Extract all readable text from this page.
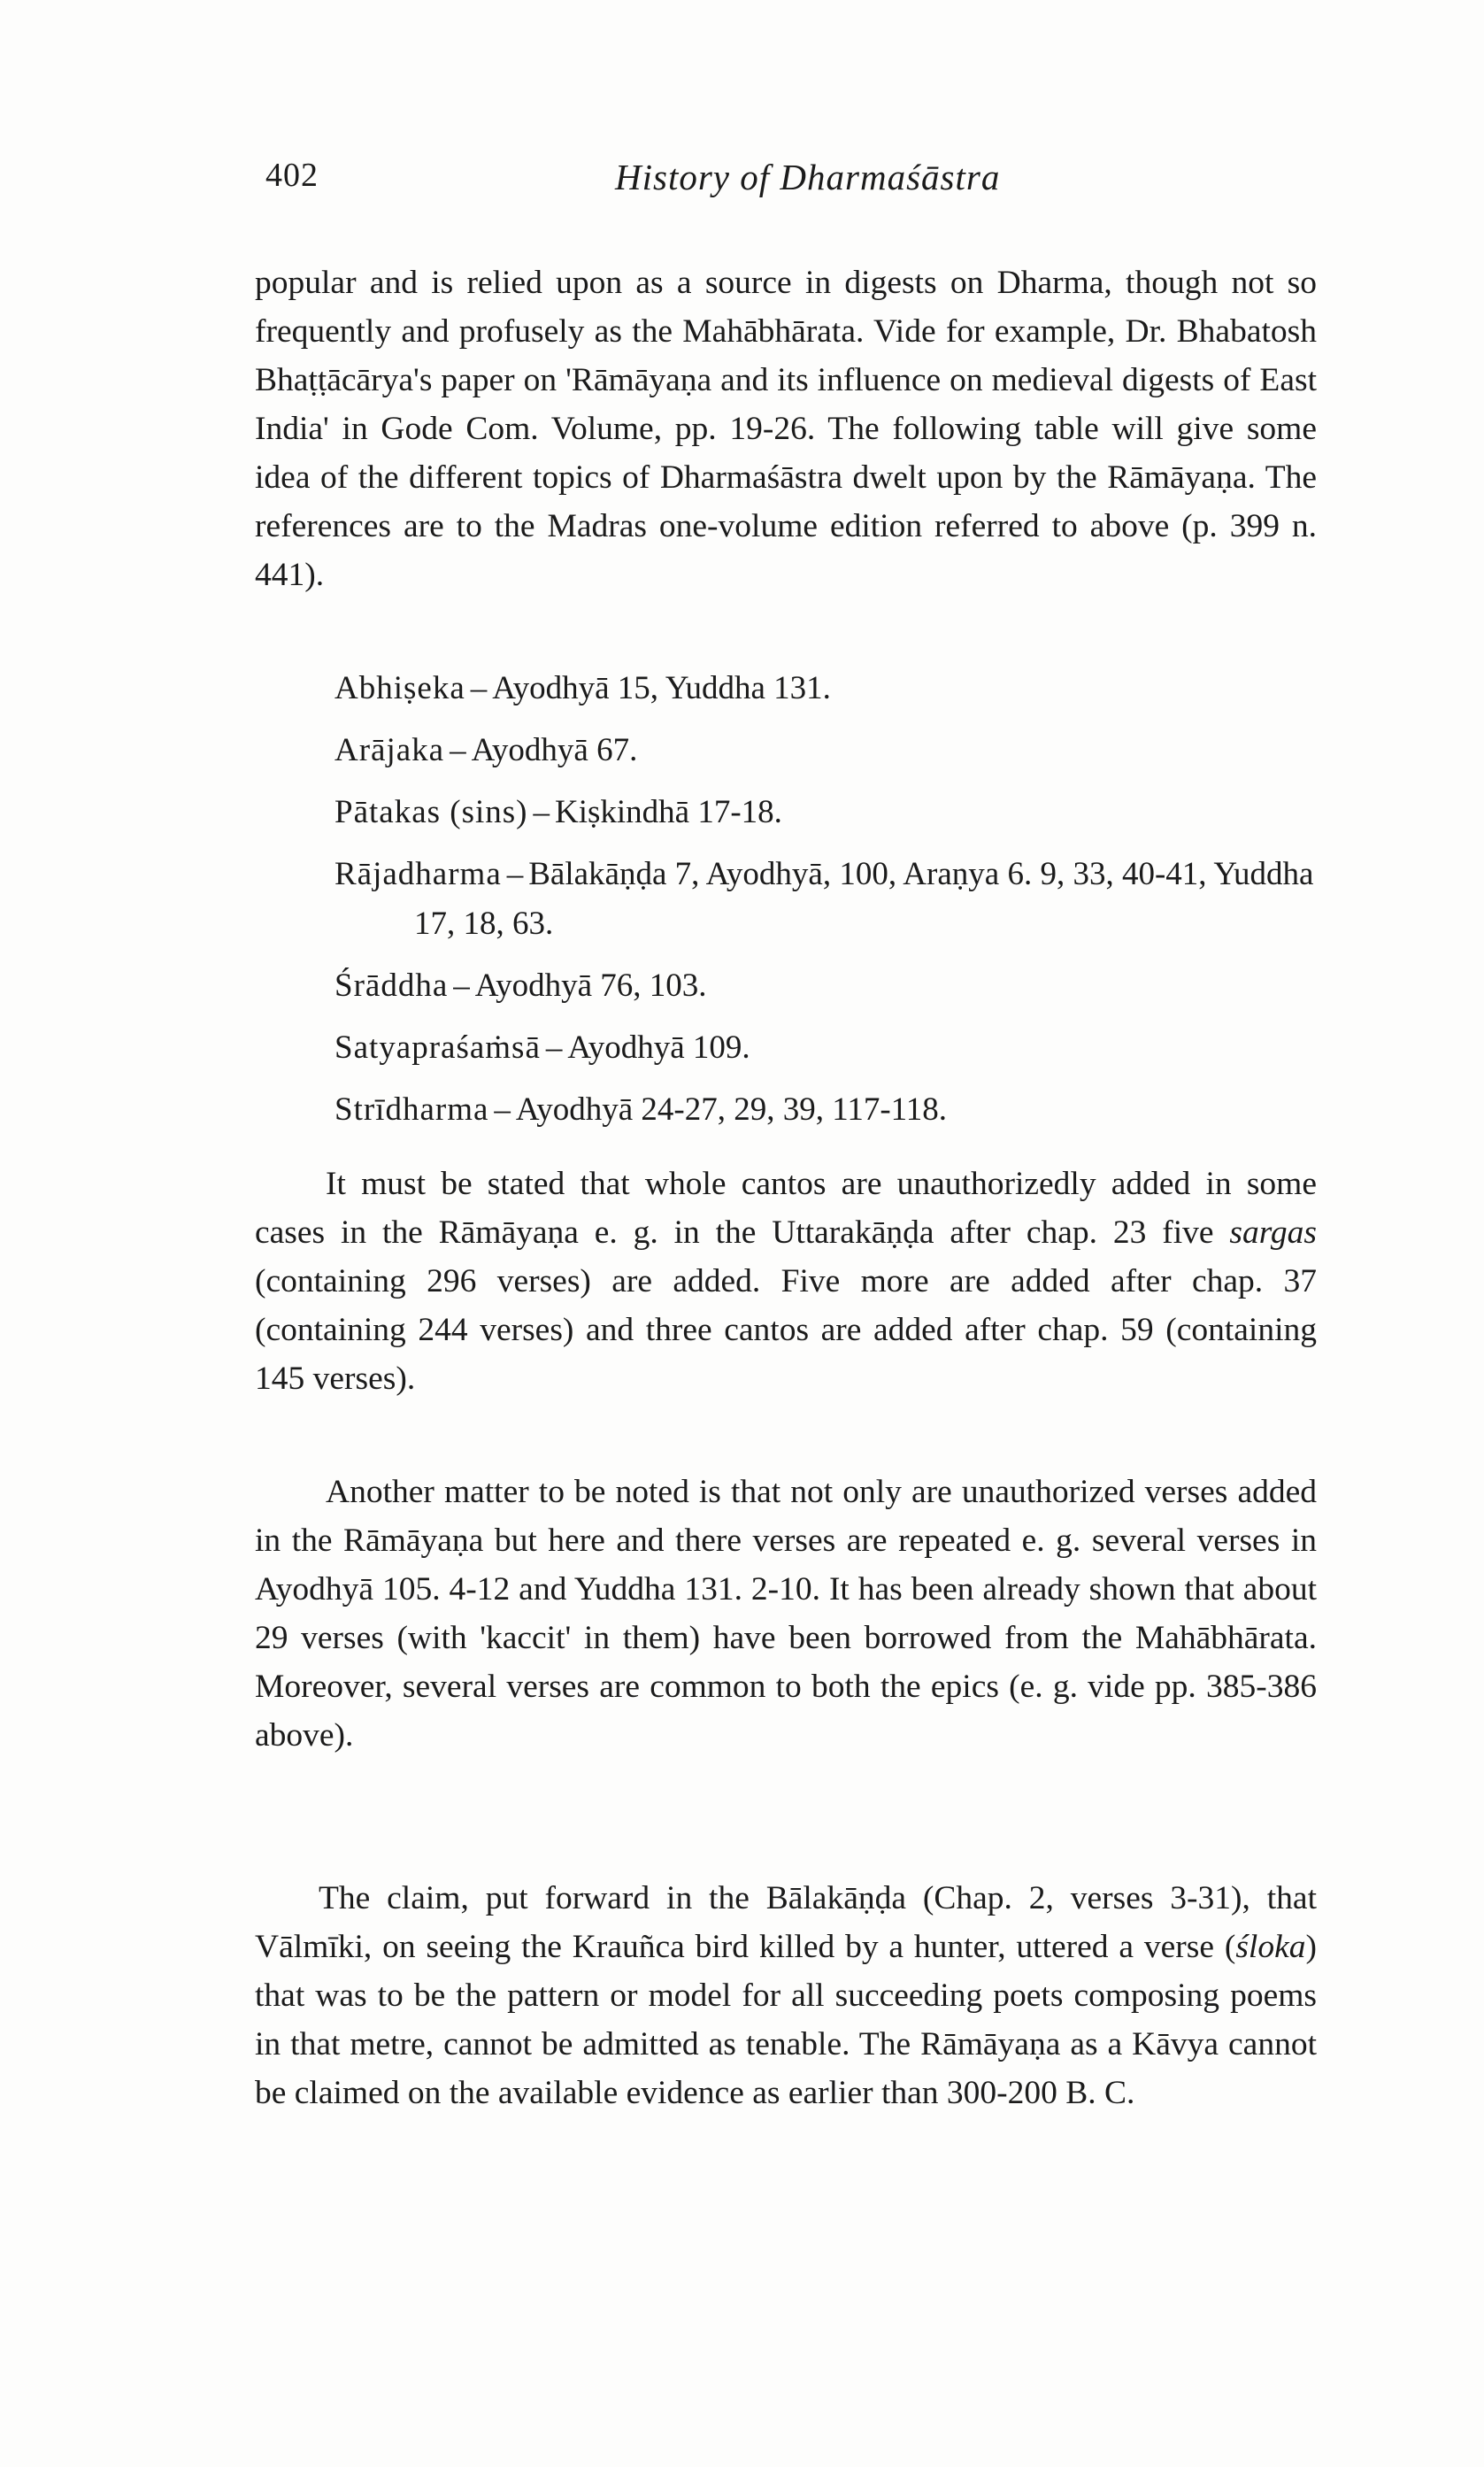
402	History of Dharmaśāstra

popular and is relied upon as a source in digests on Dharma, though not so frequently and profusely as the Mahābhārata. Vide for example, Dr. Bhabatosh Bhaṭṭācārya's paper on 'Rāmāyaṇa and its influence on medieval digests of East India' in Gode Com. Volume, pp. 19-26. The following table will give some idea of the different topics of Dharmaśāstra dwelt upon by the Rāmāyaṇa. The references are to the Madras one-volume edition referred to above (p. 399 n. 441).

Abhiṣeka – Ayodhyā 15, Yuddha 131.
Arājaka – Ayodhyā 67.
Pātakas (sins) – Kiṣkindhā 17-18.
Rājadharma – Bālakāṇḍa 7, Ayodhyā, 100, Araṇya 6. 9, 33, 40-41, Yuddha 17, 18, 63.
Śrāddha – Ayodhyā 76, 103.
Satyapraśaṁsā – Ayodhyā 109.
Strīdharma – Ayodhyā 24-27, 29, 39, 117-118.

It must be stated that whole cantos are unauthorizedly added in some cases in the Rāmāyaṇa e. g. in the Uttarakāṇḍa after chap. 23 five sargas (containing 296 verses) are added. Five more are added after chap. 37 (containing 244 verses) and three cantos are added after chap. 59 (containing 145 verses).

Another matter to be noted is that not only are unauthorized verses added in the Rāmāyaṇa but here and there verses are repeated e. g. several verses in Ayodhyā 105. 4-12 and Yuddha 131. 2-10. It has been already shown that about 29 verses (with 'kaccit' in them) have been borrowed from the Mahābhārata. Moreover, several verses are common to both the epics (e. g. vide pp. 385-386 above).

The claim, put forward in the Bālakāṇḍa (Chap. 2, verses 3-31), that Vālmīki, on seeing the Krauñca bird killed by a hunter, uttered a verse (śloka) that was to be the pattern or model for all succeeding poets composing poems in that metre, cannot be admitted as tenable. The Rāmāyaṇa as a Kāvya cannot be claimed on the available evidence as earlier than 300-200 B. C.
